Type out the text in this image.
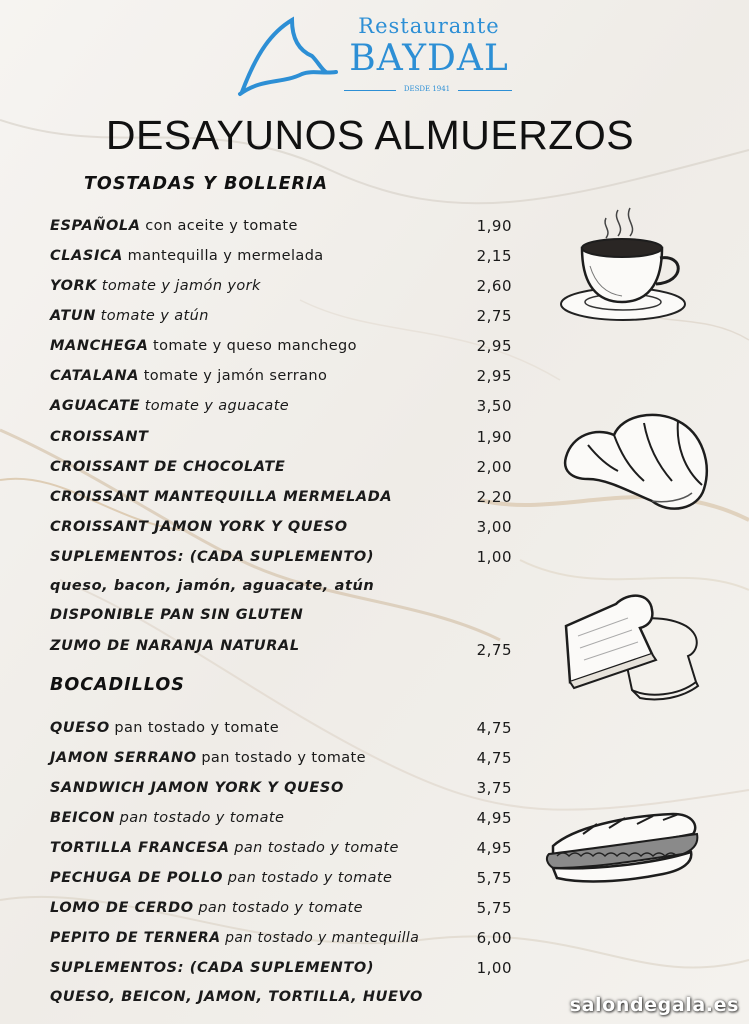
Restaurante
BAYDAL
DESDE 1941
DESAYUNOS ALMUERZOS
TOSTADAS Y BOLLERIA
ESPAÑOLA con aceite y tomate	1,90
CLASICA mantequilla y mermelada	2,15
YORK tomate y jamón york	2,60
ATUN tomate y atún	2,75
MANCHEGA tomate y queso manchego	2,95
CATALANA tomate y jamón serrano	2,95
AGUACATE tomate y aguacate	3,50
CROISSANT	1,90
CROISSANT DE CHOCOLATE	2,00
CROISSANT MANTEQUILLA MERMELADA	2,20
CROISSANT JAMON YORK Y QUESO	3,00
SUPLEMENTOS: (CADA SUPLEMENTO)	1,00
queso, bacon, jamón, aguacate, atún
DISPONIBLE PAN SIN GLUTEN
ZUMO DE NARANJA NATURAL	2,75
BOCADILLOS
QUESO pan tostado y tomate	4,75
JAMON SERRANO pan tostado y tomate	4,75
SANDWICH JAMON YORK Y QUESO	3,75
BEICON pan tostado y tomate	4,95
TORTILLA FRANCESA pan tostado y tomate	4,95
PECHUGA DE POLLO pan tostado y tomate	5,75
LOMO DE CERDO pan tostado y tomate	5,75
PEPITO DE TERNERA pan tostado y mantequilla	6,00
SUPLEMENTOS: (CADA SUPLEMENTO)	1,00
QUESO, BEICON, JAMON, TORTILLA, HUEVO	salondegala.es
